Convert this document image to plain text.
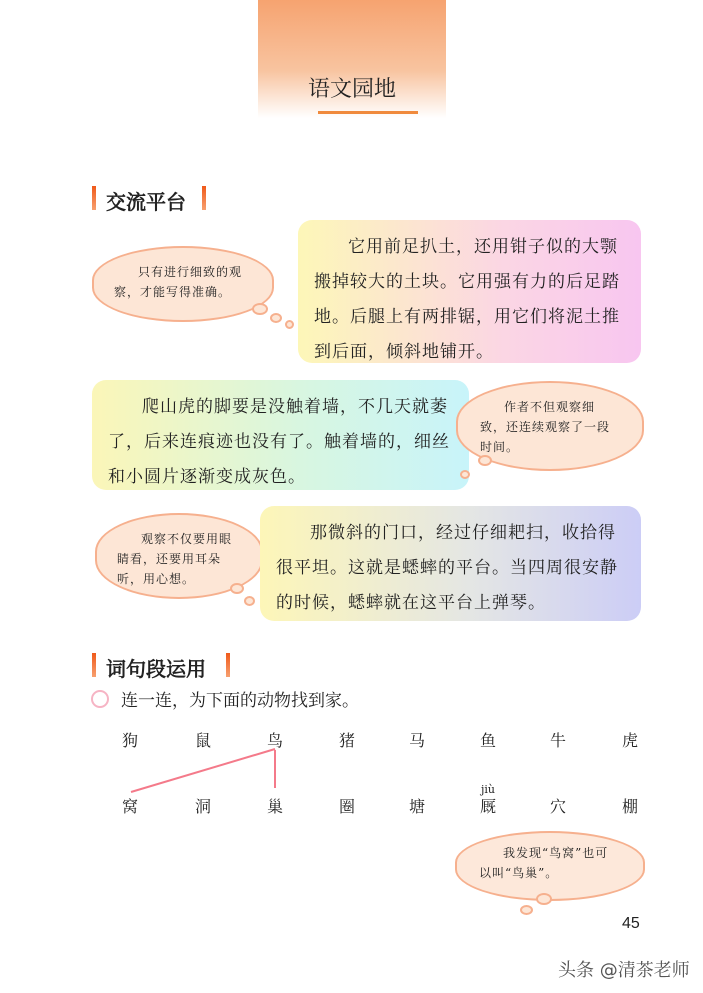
语文园地
交流平台
只有进行细致的观察，才能写得准确。
它用前足扒土，还用钳子似的大颚搬掉较大的土块。它用强有力的后足踏地。后腿上有两排锯，用它们将泥土推到后面，倾斜地铺开。
爬山虎的脚要是没触着墙，不几天就萎了，后来连痕迹也没有了。触着墙的，细丝和小圆片逐渐变成灰色。
作者不但观察细致，还连续观察了一段时间。
观察不仅要用眼睛看，还要用耳朵听，用心想。
那微斜的门口，经过仔细耙扫，收拾得很平坦。这就是蟋蟀的平台。当四周很安静的时候，蟋蟀就在这平台上弹琴。
词句段运用
连一连，为下面的动物找到家。
狗	鼠	鸟	猪	马	鱼	牛	虎
窝	洞	巢	圈	塘	厩	穴	棚
jiù
我发现“鸟窝”也可以叫“鸟巢”。
45
头条 @清茶老师
